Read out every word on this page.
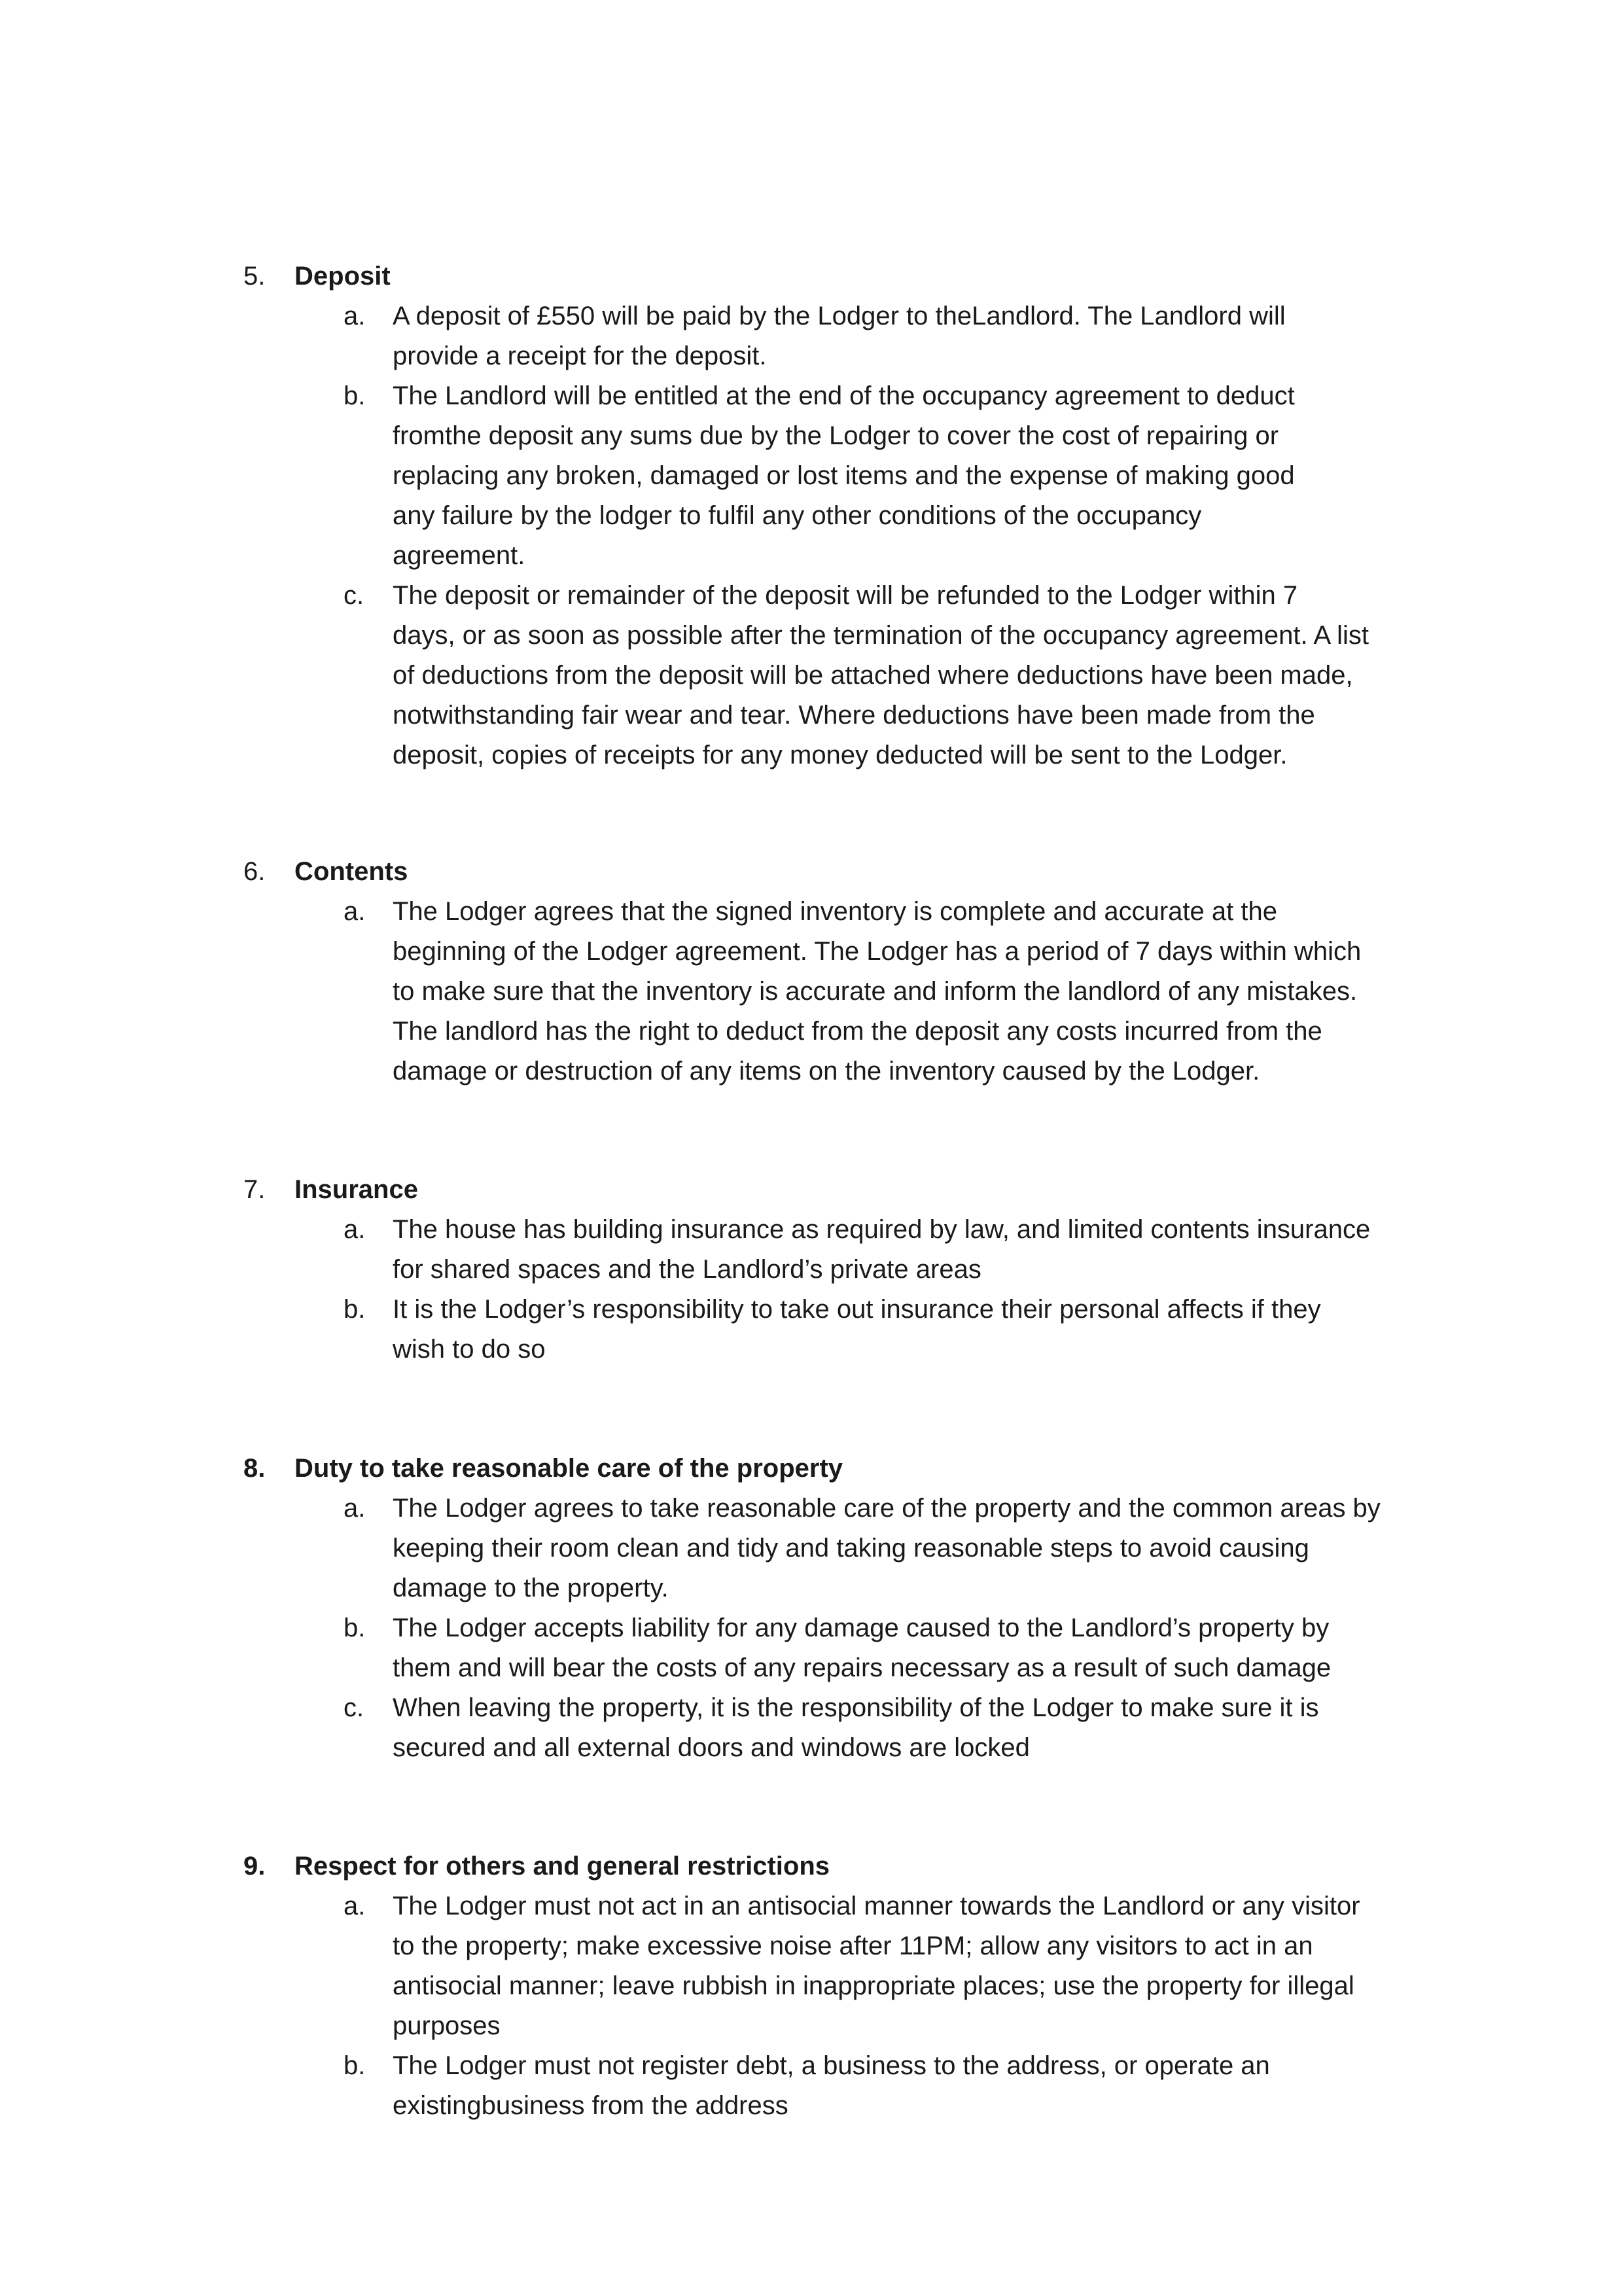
5. Deposit
a. A deposit of £550 will be paid by the Lodger to theLandlord. The Landlord will
provide a receipt for the deposit.
b. The Landlord will be entitled at the end of the occupancy agreement to deduct
fromthe deposit any sums due by the Lodger to cover the cost of repairing or
replacing any broken, damaged or lost items and the expense of making good
any failure by the lodger to fulfil any other conditions of the occupancy
agreement.
c. The deposit or remainder of the deposit will be refunded to the Lodger within 7
days, or as soon as possible after the termination of the occupancy agreement. A list
of deductions from the deposit will be attached where deductions have been made,
notwithstanding fair wear and tear. Where deductions have been made from the
deposit, copies of receipts for any money deducted will be sent to the Lodger.
6. Contents
a. The Lodger agrees that the signed inventory is complete and accurate at the
beginning of the Lodger agreement. The Lodger has a period of 7 days within which
to make sure that the inventory is accurate and inform the landlord of any mistakes.
The landlord has the right to deduct from the deposit any costs incurred from the
damage or destruction of any items on the inventory caused by the Lodger.
7. Insurance
a. The house has building insurance as required by law, and limited contents insurance
for shared spaces and the Landlord’s private areas
b. It is the Lodger’s responsibility to take out insurance their personal affects if they
wish to do so
8. Duty to take reasonable care of the property
a. The Lodger agrees to take reasonable care of the property and the common areas by
keeping their room clean and tidy and taking reasonable steps to avoid causing
damage to the property.
b. The Lodger accepts liability for any damage caused to the Landlord’s property by
them and will bear the costs of any repairs necessary as a result of such damage
c. When leaving the property, it is the responsibility of the Lodger to make sure it is
secured and all external doors and windows are locked
9. Respect for others and general restrictions
a. The Lodger must not act in an antisocial manner towards the Landlord or any visitor
to the property; make excessive noise after 11PM; allow any visitors to act in an
antisocial manner; leave rubbish in inappropriate places; use the property for illegal
purposes
b. The Lodger must not register debt, a business to the address, or operate an
existingbusiness from the address
